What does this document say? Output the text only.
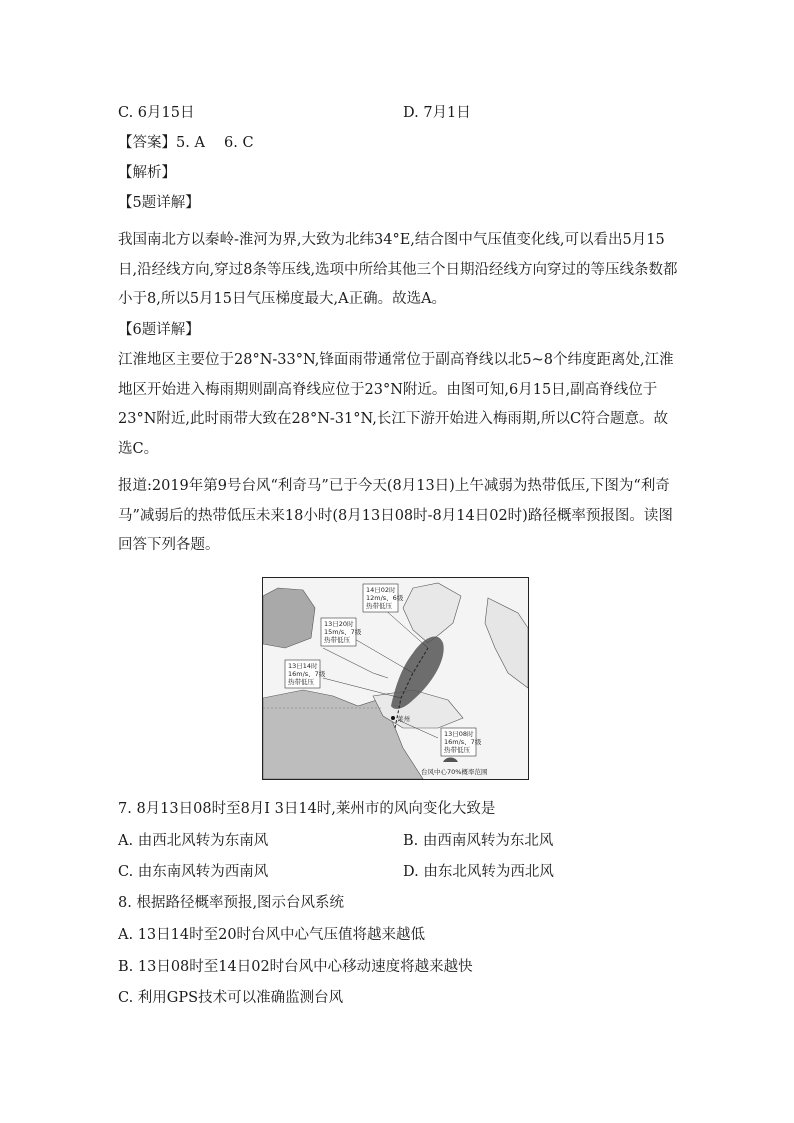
C. 6月15日	D. 7月1日
【答案】5. A　 6. C
【解析】
【5题详解】
我国南北方以秦岭-淮河为界,大致为北纬34°E,结合图中气压值变化线,可以看出5月15日,沿经线方向,穿过8条等压线,选项中所给其他三个日期沿经线方向穿过的等压线条数都小于8,所以5月15日气压梯度最大,A正确。故选A。
【6题详解】
江淮地区主要位于28°N-33°N,锋面雨带通常位于副高脊线以北5~8个纬度距离处,江淮地区开始进入梅雨期则副高脊线应位于23°N附近。由图可知,6月15日,副高脊线位于23°N附近,此时雨带大致在28°N-31°N,长江下游开始进入梅雨期,所以C符合题意。故选C。
报道:2019年第9号台风“利奇马”已于今天(8月13日)上午减弱为热带低压,下图为“利奇马”减弱后的热带低压未来18小时(8月13日08时-8月14日02时)路径概率预报图。读图回答下列各题。
14日02时
12m/s、6级
热带低压
13日20时
15m/s、7级
热带低压
13日14时
16m/s、7级
热带低压
13日08时
16m/s、7级
热带低压
莱州
台风中心70%概率范围
7. 8月13日08时至8月I 3日14时,莱州市的风向变化大致是
A. 由西北风转为东南风	B. 由西南风转为东北风
C. 由东南风转为西南风	D. 由东北风转为西北风
8. 根据路径概率预报,图示台风系统
A. 13日14时至20时台风中心气压值将越来越低
B. 13日08时至14日02时台风中心移动速度将越来越快
C. 利用GPS技术可以准确监测台风
